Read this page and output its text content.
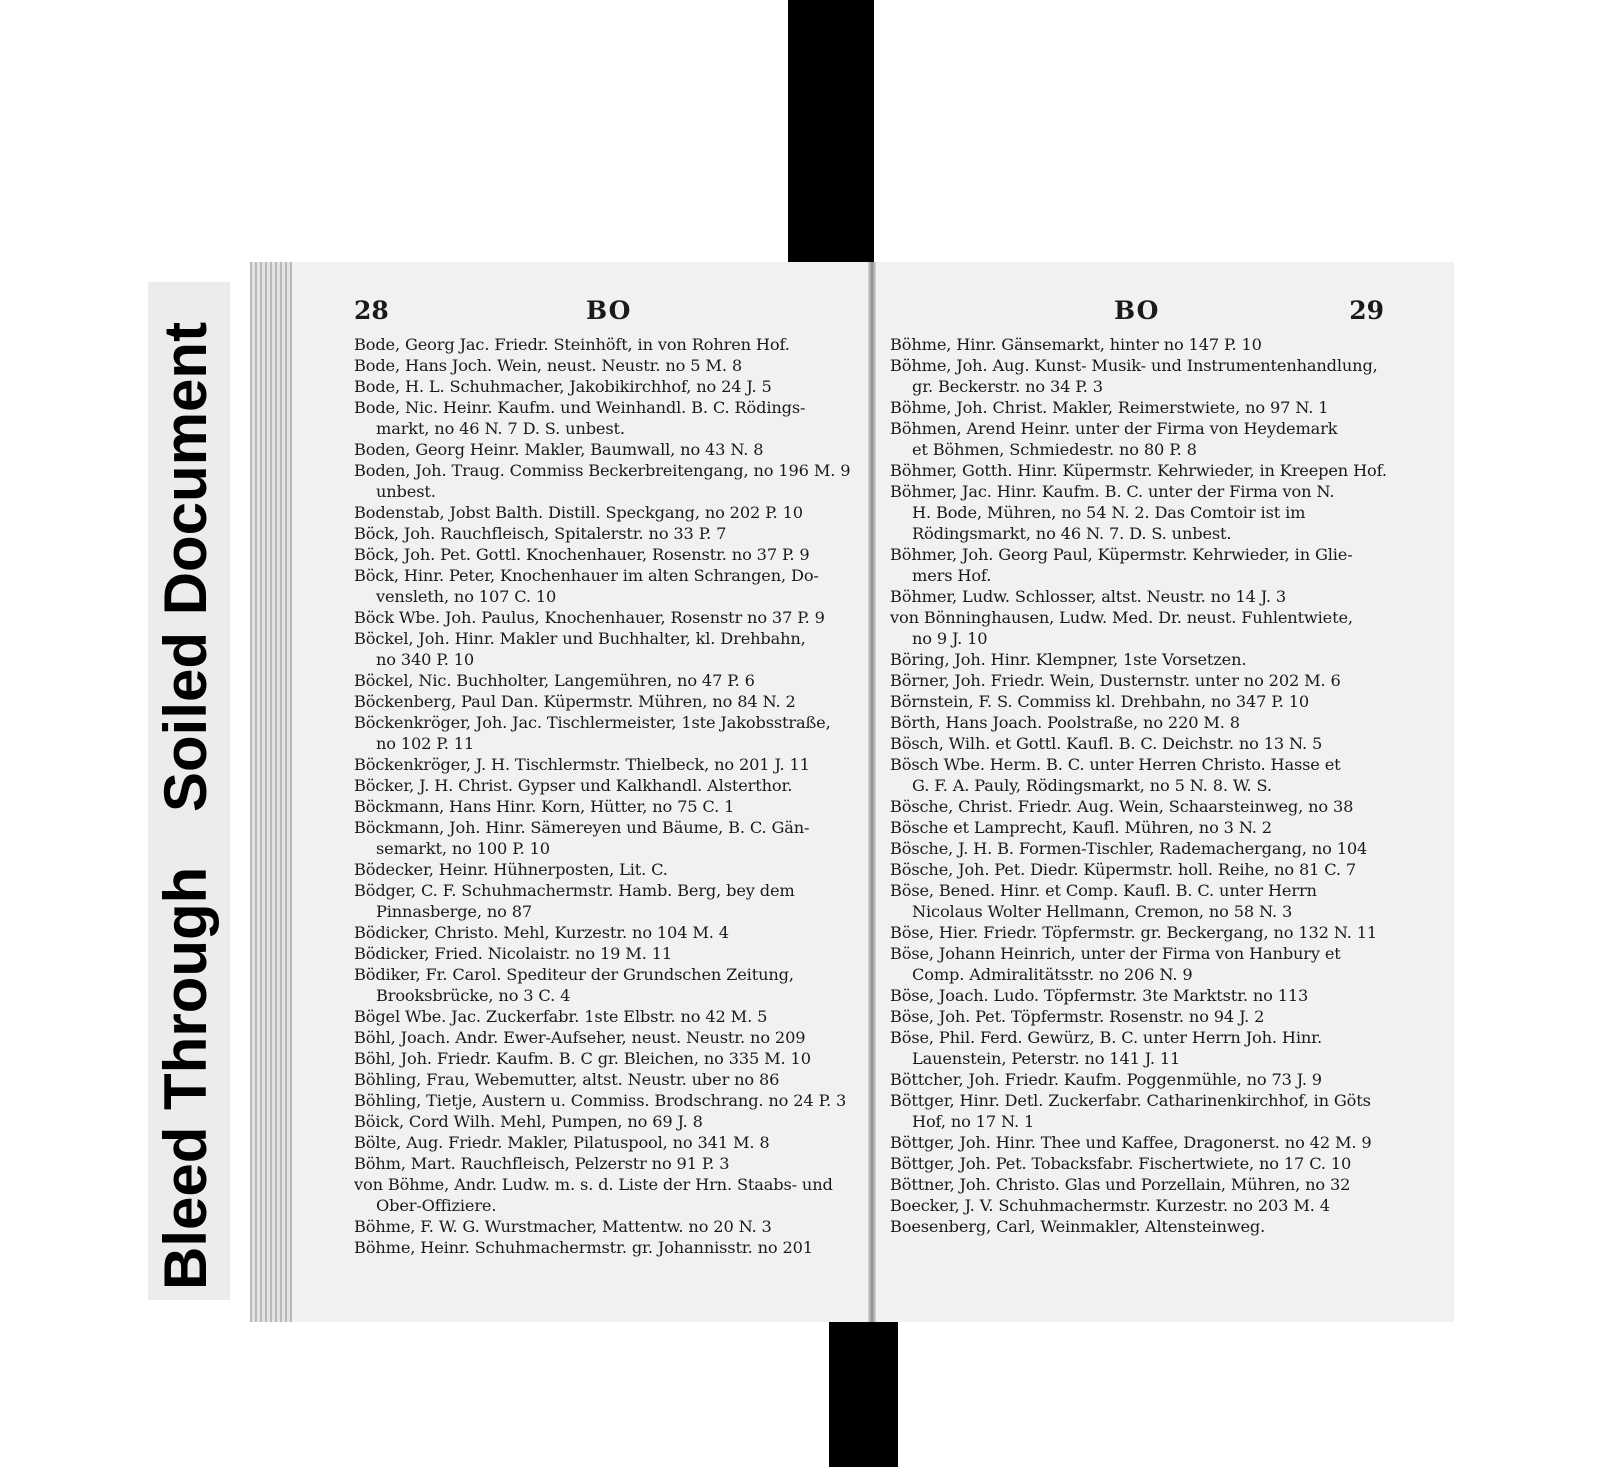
Bleed Through
Soiled Document
28	BO
Bode, Georg Jac. Friedr. Steinhöft, in von Rohren Hof.
Bode, Hans Joch. Wein, neust. Neustr. no 5 M. 8
Bode, H. L. Schuhmacher, Jakobikirchhof, no 24 J. 5
Bode, Nic. Heinr. Kaufm. und Weinhandl. B. C. Rödings-
markt, no 46 N. 7 D. S. unbest.
Boden, Georg Heinr. Makler, Baumwall, no 43 N. 8
Boden, Joh. Traug. Commiss Beckerbreitengang, no 196 M. 9
unbest.
Bodenstab, Jobst Balth. Distill. Speckgang, no 202 P. 10
Böck, Joh. Rauchfleisch, Spitalerstr. no 33 P. 7
Böck, Joh. Pet. Gottl. Knochenhauer, Rosenstr. no 37 P. 9
Böck, Hinr. Peter, Knochenhauer im alten Schrangen, Do-
vensleth, no 107 C. 10
Böck Wbe. Joh. Paulus, Knochenhauer, Rosenstr no 37 P. 9
Böckel, Joh. Hinr. Makler und Buchhalter, kl. Drehbahn,
no 340 P. 10
Böckel, Nic. Buchholter, Langemühren, no 47 P. 6
Böckenberg, Paul Dan. Küpermstr. Mühren, no 84 N. 2
Böckenkröger, Joh. Jac. Tischlermeister, 1ste Jakobsstraße,
no 102 P. 11
Böckenkröger, J. H. Tischlermstr. Thielbeck, no 201 J. 11
Böcker, J. H. Christ. Gypser und Kalkhandl. Alsterthor.
Böckmann, Hans Hinr. Korn, Hütter, no 75 C. 1
Böckmann, Joh. Hinr. Sämereyen und Bäume, B. C. Gän-
semarkt, no 100 P. 10
Bödecker, Heinr. Hühnerposten, Lit. C.
Bödger, C. F. Schuhmachermstr. Hamb. Berg, bey dem
Pinnasberge, no 87
Bödicker, Christo. Mehl, Kurzestr. no 104 M. 4
Bödicker, Fried. Nicolaistr. no 19 M. 11
Bödiker, Fr. Carol. Spediteur der Grundschen Zeitung,
Brooksbrücke, no 3 C. 4
Bögel Wbe. Jac. Zuckerfabr. 1ste Elbstr. no 42 M. 5
Böhl, Joach. Andr. Ewer-Aufseher, neust. Neustr. no 209
Böhl, Joh. Friedr. Kaufm. B. C gr. Bleichen, no 335 M. 10
Böhling, Frau, Webemutter, altst. Neustr. uber no 86
Böhling, Tietje, Austern u. Commiss. Brodschrang. no 24 P. 3
Böick, Cord Wilh. Mehl, Pumpen, no 69 J. 8
Bölte, Aug. Friedr. Makler, Pilatuspool, no 341 M. 8
Böhm, Mart. Rauchfleisch, Pelzerstr no 91 P. 3
von Böhme, Andr. Ludw. m. s. d. Liste der Hrn. Staabs- und
Ober-Offiziere.
Böhme, F. W. G. Wurstmacher, Mattentw. no 20 N. 3
Böhme, Heinr. Schuhmachermstr. gr. Johannisstr. no 201
BO	29
Böhme, Hinr. Gänsemarkt, hinter no 147 P. 10
Böhme, Joh. Aug. Kunst- Musik- und Instrumentenhandlung,
gr. Beckerstr. no 34 P. 3
Böhme, Joh. Christ. Makler, Reimerstwiete, no 97 N. 1
Böhmen, Arend Heinr. unter der Firma von Heydemark
et Böhmen, Schmiedestr. no 80 P. 8
Böhmer, Gotth. Hinr. Küpermstr. Kehrwieder, in Kreepen Hof.
Böhmer, Jac. Hinr. Kaufm. B. C. unter der Firma von N.
H. Bode, Mühren, no 54 N. 2. Das Comtoir ist im
Rödingsmarkt, no 46 N. 7. D. S. unbest.
Böhmer, Joh. Georg Paul, Küpermstr. Kehrwieder, in Glie-
mers Hof.
Böhmer, Ludw. Schlosser, altst. Neustr. no 14 J. 3
von Bönninghausen, Ludw. Med. Dr. neust. Fuhlentwiete,
no 9 J. 10
Böring, Joh. Hinr. Klempner, 1ste Vorsetzen.
Börner, Joh. Friedr. Wein, Dusternstr. unter no 202 M. 6
Börnstein, F. S. Commiss kl. Drehbahn, no 347 P. 10
Börth, Hans Joach. Poolstraße, no 220 M. 8
Bösch, Wilh. et Gottl. Kaufl. B. C. Deichstr. no 13 N. 5
Bösch Wbe. Herm. B. C. unter Herren Christo. Hasse et
G. F. A. Pauly, Rödingsmarkt, no 5 N. 8. W. S.
Bösche, Christ. Friedr. Aug. Wein, Schaarsteinweg, no 38
Bösche et Lamprecht, Kaufl. Mühren, no 3 N. 2
Bösche, J. H. B. Formen-Tischler, Rademachergang, no 104
Bösche, Joh. Pet. Diedr. Küpermstr. holl. Reihe, no 81 C. 7
Böse, Bened. Hinr. et Comp. Kaufl. B. C. unter Herrn
Nicolaus Wolter Hellmann, Cremon, no 58 N. 3
Böse, Hier. Friedr. Töpfermstr. gr. Beckergang, no 132 N. 11
Böse, Johann Heinrich, unter der Firma von Hanbury et
Comp. Admiralitätsstr. no 206 N. 9
Böse, Joach. Ludo. Töpfermstr. 3te Marktstr. no 113
Böse, Joh. Pet. Töpfermstr. Rosenstr. no 94 J. 2
Böse, Phil. Ferd. Gewürz, B. C. unter Herrn Joh. Hinr.
Lauenstein, Peterstr. no 141 J. 11
Böttcher, Joh. Friedr. Kaufm. Poggenmühle, no 73 J. 9
Böttger, Hinr. Detl. Zuckerfabr. Catharinenkirchhof, in Göts
Hof, no 17 N. 1
Böttger, Joh. Hinr. Thee und Kaffee, Dragonerst. no 42 M. 9
Böttger, Joh. Pet. Tobacksfabr. Fischertwiete, no 17 C. 10
Böttner, Joh. Christo. Glas und Porzellain, Mühren, no 32
Boecker, J. V. Schuhmachermstr. Kurzestr. no 203 M. 4
Boesenberg, Carl, Weinmakler, Altensteinweg.
